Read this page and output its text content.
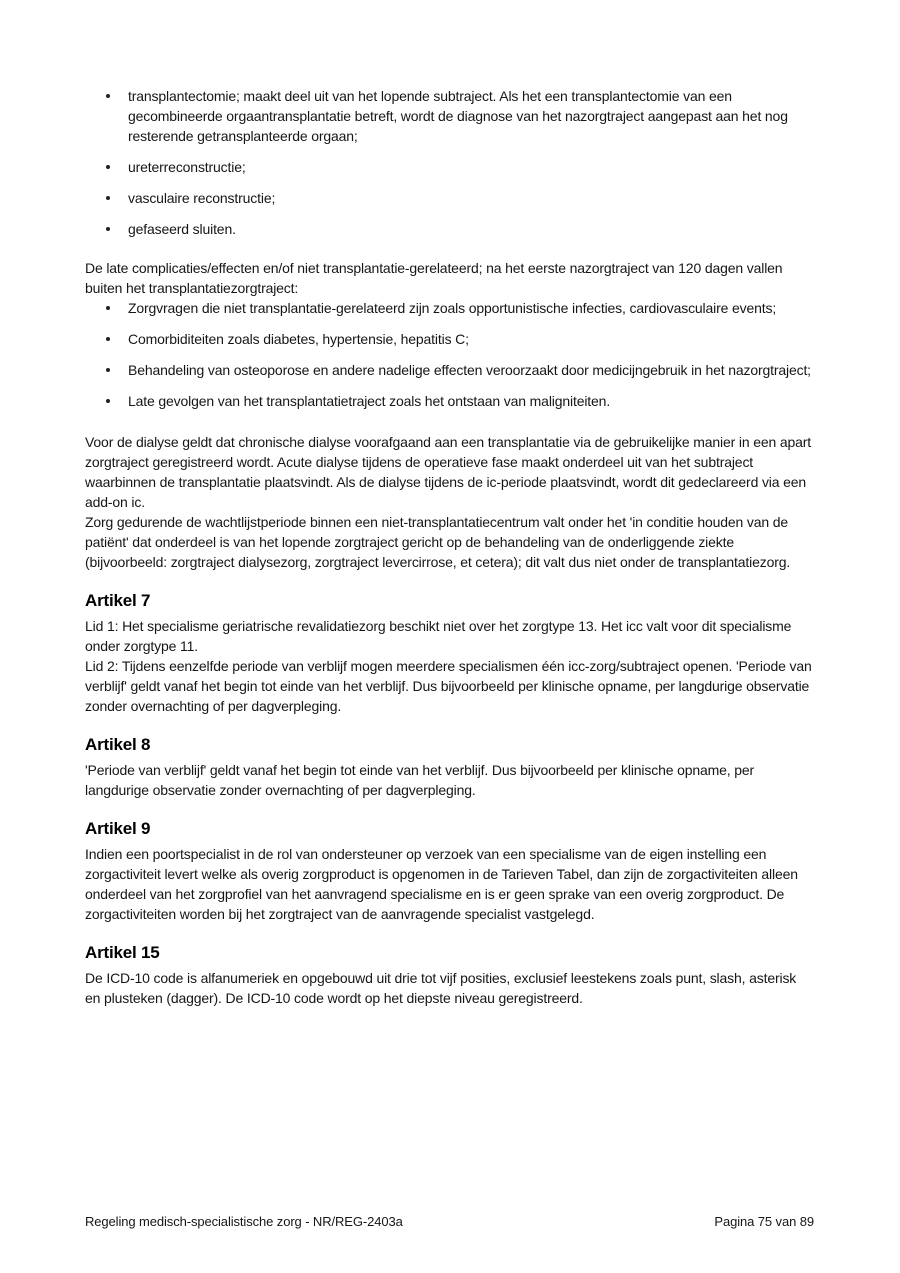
transplantectomie; maakt deel uit van het lopende subtraject. Als het een transplantectomie van een gecombineerde orgaantransplantatie betreft, wordt de diagnose van het nazorgtraject aangepast aan het nog resterende getransplanteerde orgaan;
ureterreconstructie;
vasculaire reconstructie;
gefaseerd sluiten.

De late complicaties/effecten en/of niet transplantatie-gerelateerd; na het eerste nazorgtraject van 120 dagen vallen buiten het transplantatiezorgtraject:

Zorgvragen die niet transplantatie-gerelateerd zijn zoals opportunistische infecties, cardiovasculaire events;
Comorbiditeiten zoals diabetes, hypertensie, hepatitis C;
Behandeling van osteoporose en andere nadelige effecten veroorzaakt door medicijngebruik in het nazorgtraject;
Late gevolgen van het transplantatietraject zoals het ontstaan van maligniteiten.

Voor de dialyse geldt dat chronische dialyse voorafgaand aan een transplantatie via de gebruikelijke manier in een apart zorgtraject geregistreerd wordt. Acute dialyse tijdens de operatieve fase maakt onderdeel uit van het subtraject waarbinnen de transplantatie plaatsvindt. Als de dialyse tijdens de ic-periode plaatsvindt, wordt dit gedeclareerd via een add-on ic.

Zorg gedurende de wachtlijstperiode binnen een niet-transplantatiecentrum valt onder het 'in conditie houden van de patiënt' dat onderdeel is van het lopende zorgtraject gericht op de behandeling van de onderliggende ziekte (bijvoorbeeld: zorgtraject dialysezorg, zorgtraject levercirrose, et cetera); dit valt dus niet onder de transplantatiezorg.

Artikel 7

Lid 1: Het specialisme geriatrische revalidatiezorg beschikt niet over het zorgtype 13. Het icc valt voor dit specialisme onder zorgtype 11.

Lid 2: Tijdens eenzelfde periode van verblijf mogen meerdere specialismen één icc-zorg/subtraject openen. 'Periode van verblijf' geldt vanaf het begin tot einde van het verblijf. Dus bijvoorbeeld per klinische opname, per langdurige observatie zonder overnachting of per dagverpleging.

Artikel 8

'Periode van verblijf' geldt vanaf het begin tot einde van het verblijf. Dus bijvoorbeeld per klinische opname, per langdurige observatie zonder overnachting of per dagverpleging.

Artikel 9

Indien een poortspecialist in de rol van ondersteuner op verzoek van een specialisme van de eigen instelling een zorgactiviteit levert welke als overig zorgproduct is opgenomen in de Tarieven Tabel, dan zijn de zorgactiviteiten alleen onderdeel van het zorgprofiel van het aanvragend specialisme en is er geen sprake van een overig zorgproduct. De zorgactiviteiten worden bij het zorgtraject van de aanvragende specialist vastgelegd.

Artikel 15

De ICD-10 code is alfanumeriek en opgebouwd uit drie tot vijf posities, exclusief leestekens zoals punt, slash, asterisk en plusteken (dagger). De ICD-10 code wordt op het diepste niveau geregistreerd.

Regeling medisch-specialistische zorg - NR/REG-2403a	Pagina 75 van 89
